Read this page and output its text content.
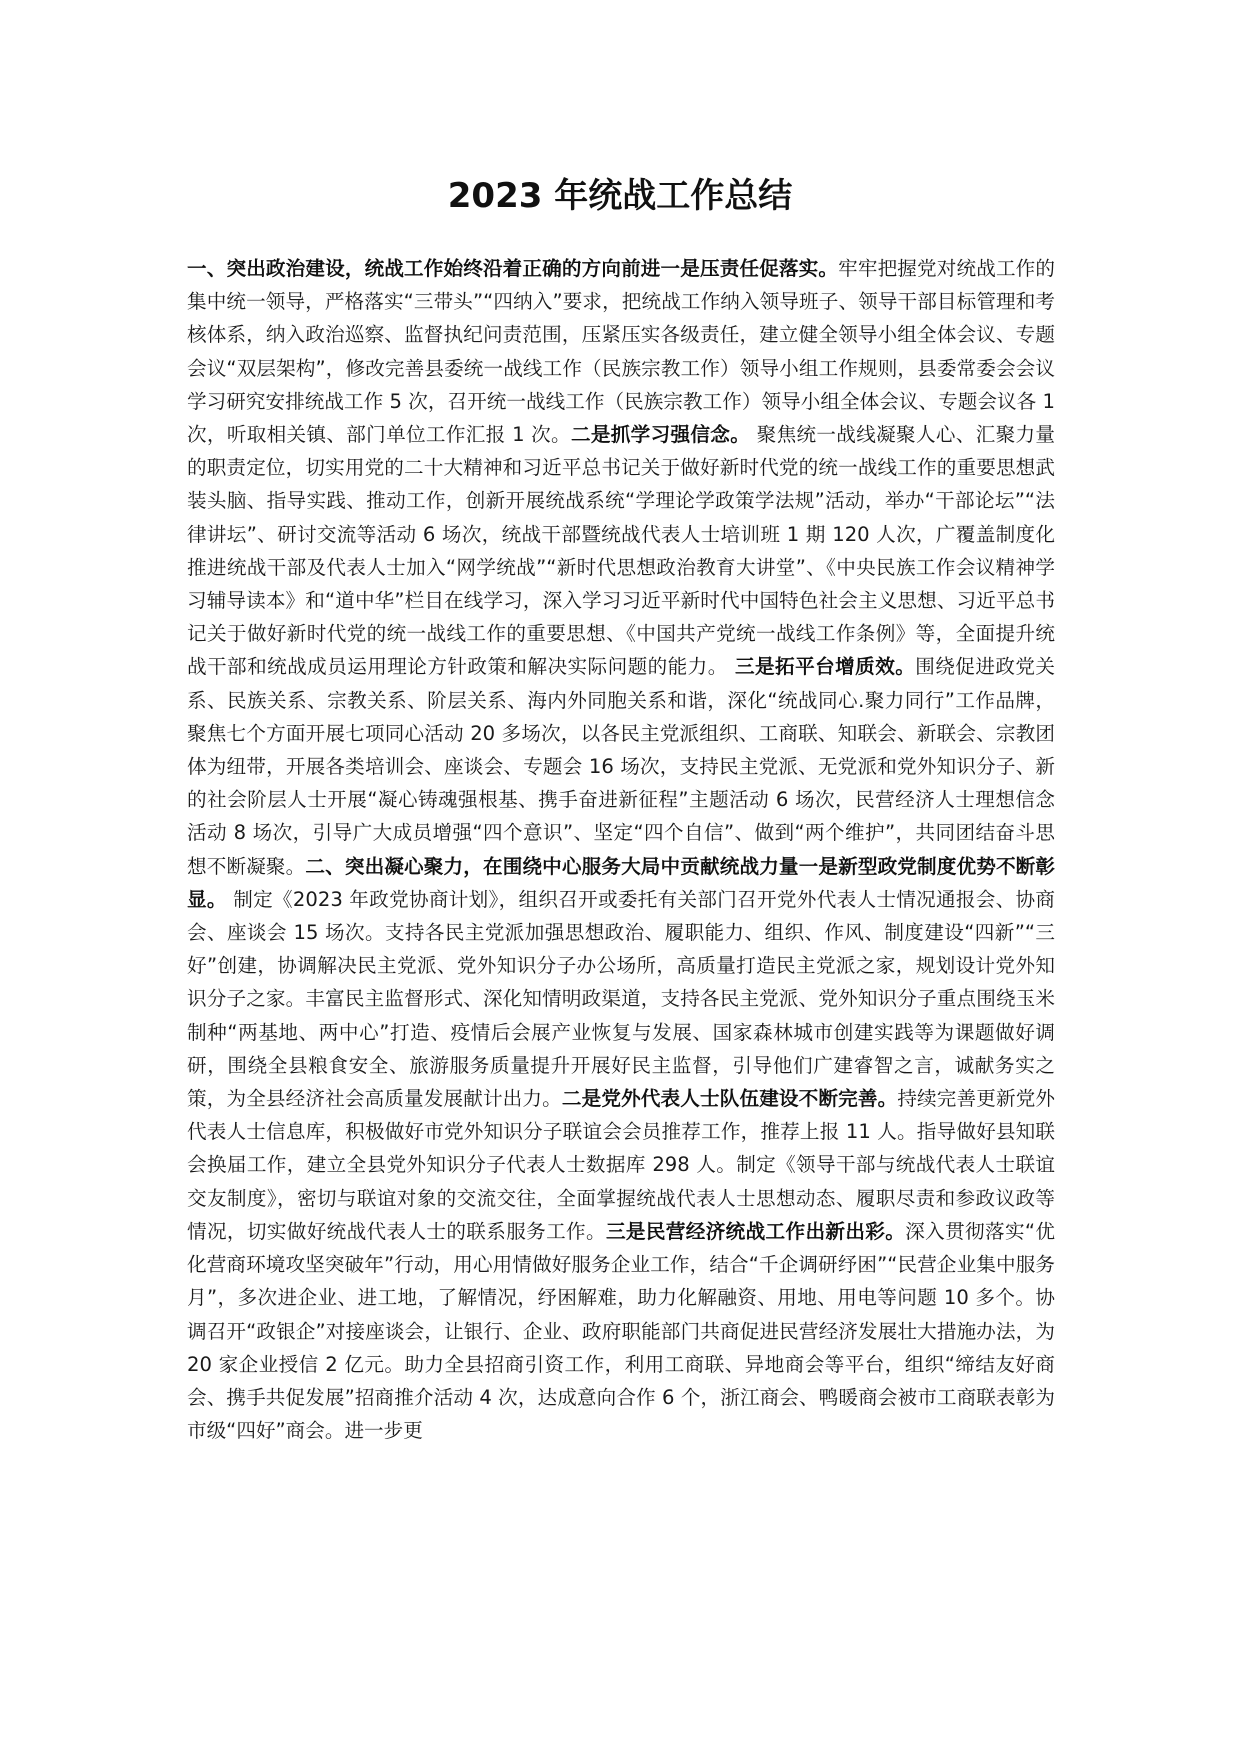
2023 年统战工作总结

一、突出政治建设，统战工作始终沿着正确的方向前进一是压责任促落实。牢牢把握党对统战工作的集中统一领导，严格落实“三带头”“四纳入”要求，把统战工作纳入领导班子、领导干部目标管理和考核体系，纳入政治巡察、监督执纪问责范围，压紧压实各级责任，建立健全领导小组全体会议、专题会议“双层架构”，修改完善县委统一战线工作（民族宗教工作）领导小组工作规则，县委常委会会议学习研究安排统战工作 5 次，召开统一战线工作（民族宗教工作）领导小组全体会议、专题会议各 1 次，听取相关镇、部门单位工作汇报 1 次。二是抓学习强信念。 聚焦统一战线凝聚人心、汇聚力量的职责定位，切实用党的二十大精神和习近平总书记关于做好新时代党的统一战线工作的重要思想武装头脑、指导实践、推动工作，创新开展统战系统“学理论学政策学法规”活动，举办“干部论坛”“法律讲坛”、研讨交流等活动 6 场次，统战干部暨统战代表人士培训班 1 期 120 人次，广覆盖制度化推进统战干部及代表人士加入“网学统战”“新时代思想政治教育大讲堂”、《中央民族工作会议精神学习辅导读本》和“道中华”栏目在线学习，深入学习习近平新时代中国特色社会主义思想、习近平总书记关于做好新时代党的统一战线工作的重要思想、《中国共产党统一战线工作条例》等，全面提升统战干部和统战成员运用理论方针政策和解决实际问题的能力。 三是拓平台增质效。围绕促进政党关系、民族关系、宗教关系、阶层关系、海内外同胞关系和谐，深化“统战同心.聚力同行”工作品牌，聚焦七个方面开展七项同心活动 20 多场次，以各民主党派组织、工商联、知联会、新联会、宗教团体为纽带，开展各类培训会、座谈会、专题会 16 场次，支持民主党派、无党派和党外知识分子、新的社会阶层人士开展“凝心铸魂强根基、携手奋进新征程”主题活动 6 场次，民营经济人士理想信念活动 8 场次，引导广大成员增强“四个意识”、坚定“四个自信”、做到“两个维护”，共同团结奋斗思想不断凝聚。二、突出凝心聚力，在围绕中心服务大局中贡献统战力量一是新型政党制度优势不断彰显。 制定《2023 年政党协商计划》，组织召开或委托有关部门召开党外代表人士情况通报会、协商会、座谈会 15 场次。支持各民主党派加强思想政治、履职能力、组织、作风、制度建设“四新”“三好”创建，协调解决民主党派、党外知识分子办公场所，高质量打造民主党派之家，规划设计党外知识分子之家。丰富民主监督形式、深化知情明政渠道，支持各民主党派、党外知识分子重点围绕玉米制种“两基地、两中心”打造、疫情后会展产业恢复与发展、国家森林城市创建实践等为课题做好调研，围绕全县粮食安全、旅游服务质量提升开展好民主监督，引导他们广建睿智之言，诚献务实之策，为全县经济社会高质量发展献计出力。二是党外代表人士队伍建设不断完善。持续完善更新党外代表人士信息库，积极做好市党外知识分子联谊会会员推荐工作，推荐上报 11 人。指导做好县知联会换届工作，建立全县党外知识分子代表人士数据库 298 人。制定《领导干部与统战代表人士联谊交友制度》，密切与联谊对象的交流交往，全面掌握统战代表人士思想动态、履职尽责和参政议政等情况，切实做好统战代表人士的联系服务工作。三是民营经济统战工作出新出彩。深入贯彻落实“优化营商环境攻坚突破年”行动，用心用情做好服务企业工作，结合“千企调研纾困”“民营企业集中服务月”，多次进企业、进工地，了解情况，纾困解难，助力化解融资、用地、用电等问题 10 多个。协调召开“政银企”对接座谈会，让银行、企业、政府职能部门共商促进民营经济发展壮大措施办法，为 20 家企业授信 2 亿元。助力全县招商引资工作，利用工商联、异地商会等平台，组织“缔结友好商会、携手共促发展”招商推介活动 4 次，达成意向合作 6 个，浙江商会、鸭暖商会被市工商联表彰为市级“四好”商会。进一步更
